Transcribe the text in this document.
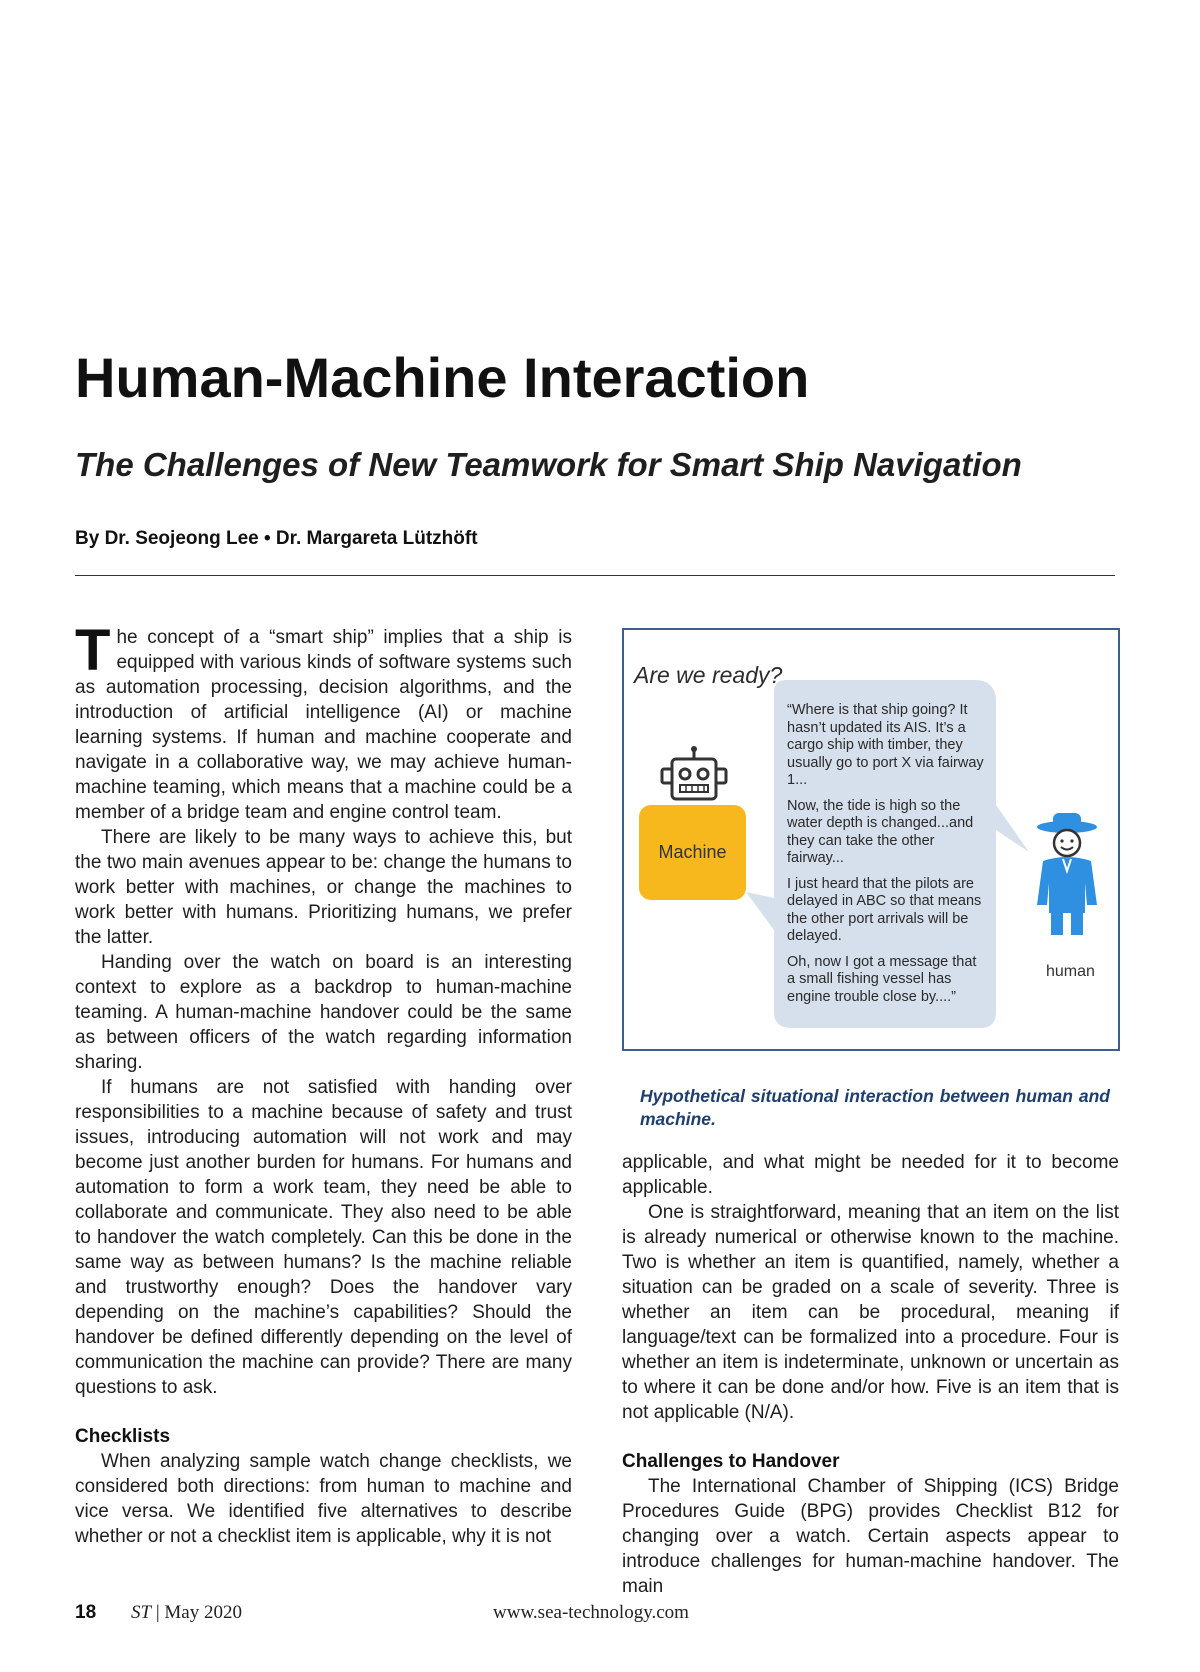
Human-Machine Interaction
The Challenges of New Teamwork for Smart Ship Navigation
By Dr. Seojeong Lee • Dr. Margareta Lützhöft

The concept of a “smart ship” implies that a ship is equipped with various kinds of software systems such as automation processing, decision algorithms, and the introduction of artificial intelligence (AI) or machine learning systems. If human and machine cooperate and navigate in a collaborative way, we may achieve human-machine teaming, which means that a machine could be a member of a bridge team and engine control team.

There are likely to be many ways to achieve this, but the two main avenues appear to be: change the humans to work better with machines, or change the machines to work better with humans. Prioritizing humans, we prefer the latter.

Handing over the watch on board is an interesting context to explore as a backdrop to human-machine teaming. A human-machine handover could be the same as between officers of the watch regarding information sharing.

If humans are not satisfied with handing over responsibilities to a machine because of safety and trust issues, introducing automation will not work and may become just another burden for humans. For humans and automation to form a work team, they need be able to collaborate and communicate. They also need to be able to handover the watch completely. Can this be done in the same way as between humans? Is the machine reliable and trustworthy enough? Does the handover vary depending on the machine’s capabilities? Should the handover be defined differently depending on the level of communication the machine can provide? There are many questions to ask.

Checklists

When analyzing sample watch change checklists, we considered both directions: from human to machine and vice versa. We identified five alternatives to describe whether or not a checklist item is applicable, why it is not

Are we ready?
Machine

“Where is that ship going? It hasn’t updated its AIS. It’s a cargo ship with timber, they usually go to port X via fairway 1...

Now, the tide is high so the water depth is changed...and they can take the other fairway...

I just heard that the pilots are delayed in ABC so that means the other port arrivals will be delayed.

Oh, now I got a message that a small fishing vessel has engine trouble close by....”

human
Hypothetical situational interaction between human and machine.

applicable, and what might be needed for it to become applicable.

One is straightforward, meaning that an item on the list is already numerical or otherwise known to the machine. Two is whether an item is quantified, namely, whether a situation can be graded on a scale of severity. Three is whether an item can be procedural, meaning if language/text can be formalized into a procedure. Four is whether an item is indeterminate, unknown or uncertain as to where it can be done and/or how. Five is an item that is not applicable (N/A).

Challenges to Handover

The International Chamber of Shipping (ICS) Bridge Procedures Guide (BPG) provides Checklist B12 for changing over a watch. Certain aspects appear to introduce challenges for human-machine handover. The main

18 ST | May 2020	www.sea-technology.com
